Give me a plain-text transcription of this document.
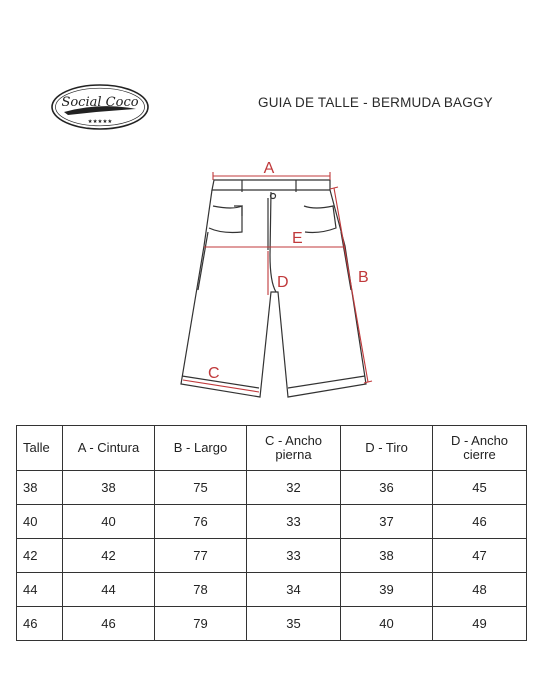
Social Coco
★★★★★
GUIA DE TALLE - BERMUDA BAGGY
A
B
E
D
C
Talle	A - Cintura	B - Largo	C - Ancho pierna	D - Tiro	D - Ancho cierre
38	38	75	32	36	45
40	40	76	33	37	46
42	42	77	33	38	47
44	44	78	34	39	48
46	46	79	35	40	49
